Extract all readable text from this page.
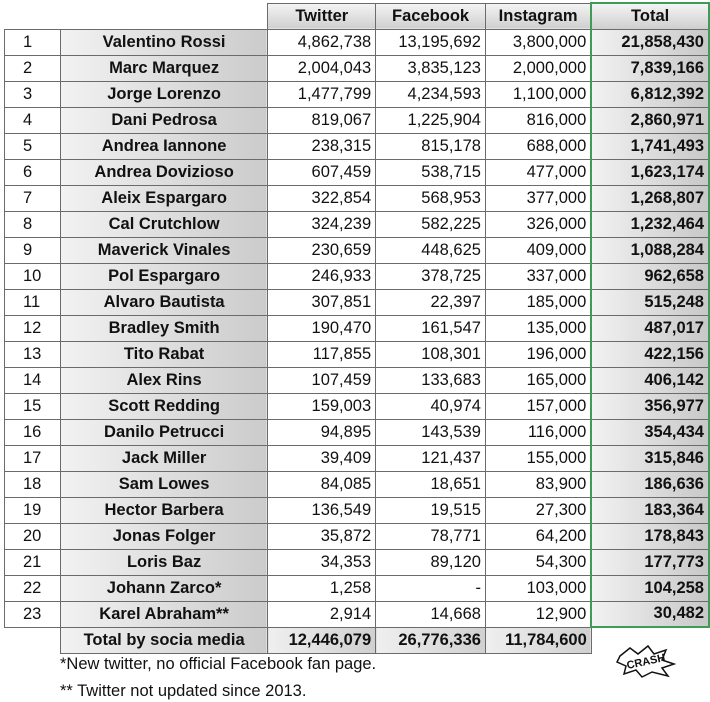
		Twitter	Facebook	Instagram	Total
1	Valentino Rossi	4,862,738	13,195,692	3,800,000	21,858,430
2	Marc Marquez	2,004,043	3,835,123	2,000,000	7,839,166
3	Jorge Lorenzo	1,477,799	4,234,593	1,100,000	6,812,392
4	Dani Pedrosa	819,067	1,225,904	816,000	2,860,971
5	Andrea Iannone	238,315	815,178	688,000	1,741,493
6	Andrea Dovizioso	607,459	538,715	477,000	1,623,174
7	Aleix Espargaro	322,854	568,953	377,000	1,268,807
8	Cal Crutchlow	324,239	582,225	326,000	1,232,464
9	Maverick Vinales	230,659	448,625	409,000	1,088,284
10	Pol Espargaro	246,933	378,725	337,000	962,658
11	Alvaro Bautista	307,851	22,397	185,000	515,248
12	Bradley Smith	190,470	161,547	135,000	487,017
13	Tito Rabat	117,855	108,301	196,000	422,156
14	Alex Rins	107,459	133,683	165,000	406,142
15	Scott Redding	159,003	40,974	157,000	356,977
16	Danilo Petrucci	94,895	143,539	116,000	354,434
17	Jack Miller	39,409	121,437	155,000	315,846
18	Sam Lowes	84,085	18,651	83,900	186,636
19	Hector Barbera	136,549	19,515	27,300	183,364
20	Jonas Folger	35,872	78,771	64,200	178,843
21	Loris Baz	34,353	89,120	54,300	177,773
22	Johann Zarco*	1,258	-	103,000	104,258
23	Karel Abraham**	2,914	14,668	12,900	30,482
	Total by socia media	12,446,079	26,776,336	11,784,600	
*New twitter, no official Facebook fan page.
** Twitter not updated since 2013.
CRASH
